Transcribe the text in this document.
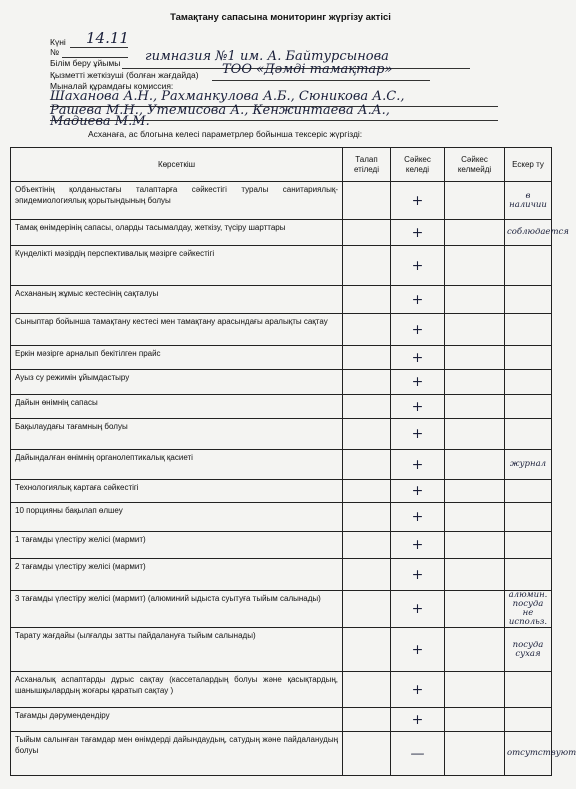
Тамақтану сапасына мониторинг жүргізу актісі
Күні 14.11
№
Білім беру ұйымы гимназия №1 им. А. Байтурсынова
Қызметті жеткізуші (болған жағдайда) ТОО «Дәмді тамақтар»
Мыналай құрамдағы комиссия:
Шаханова А.Н., Рахманкулова А.Б., Сюникова А.С.,
Рашева М.Н., Утемисова А., Кенжинтаева А.А.,
Мадиева М.М.
Асханаға, ас блогына келесі параметрлер бойынша тексеріс жүргізді:
Көрсеткіш	Талап етіледі	Сәйкес келеді	Сәйкес келмейді	Ескер ту
Объектінің қолданыстағы талаптарға сәйкестігі туралы санитариялық-эпидемиологиялық қорытындының болуы		+		в наличии
Тамақ өнімдерінің сапасы, оларды тасымалдау, жеткізу, түсіру шарттары		+		соблюдается
Күнделікті мәзірдің перспективалық мәзірге сәйкестігі		+		
Асхананың жұмыс кестесінің сақталуы		+		
Сыныптар бойынша тамақтану кестесі мен тамақтану арасындағы аралықты сақтау		+		
Еркін мәзірге арналып бекітілген прайс		+		
Ауыз су режимін ұйымдастыру		+		
Дайын өнімнің сапасы		+		
Бақылаудағы тағамның болуы		+		
Дайындалған өнімнің органолептикалық қасиеті		+		журнал
Технологиялық картаға сәйкестігі		+		
10 порцияны бақылап өлшеу		+		
1 тағамды үлестіру желісі (мармит)		+		
2 тағамды үлестіру желісі (мармит)		+		
3 тағамды үлестіру желісі (мармит) (алюминий ыдыста суытуға тыйым салынады)		+		алюмин. посуда не использ.
Тарату жағдайы (ылғалды затты пайдалануға тыйым салынады)		+		посуда сухая
Асханалық аспаптарды дұрыс сақтау (кассеталардың болуы және қасықтардың, шанышқылардың жоғары қаратып сақтау )		+		
Тағамды дәрумендендіру		+		
Тыйым салынған тағамдар мен өнімдерді дайындаудың, сатудың және пайдаланудың болуы		—		отсутствуют
